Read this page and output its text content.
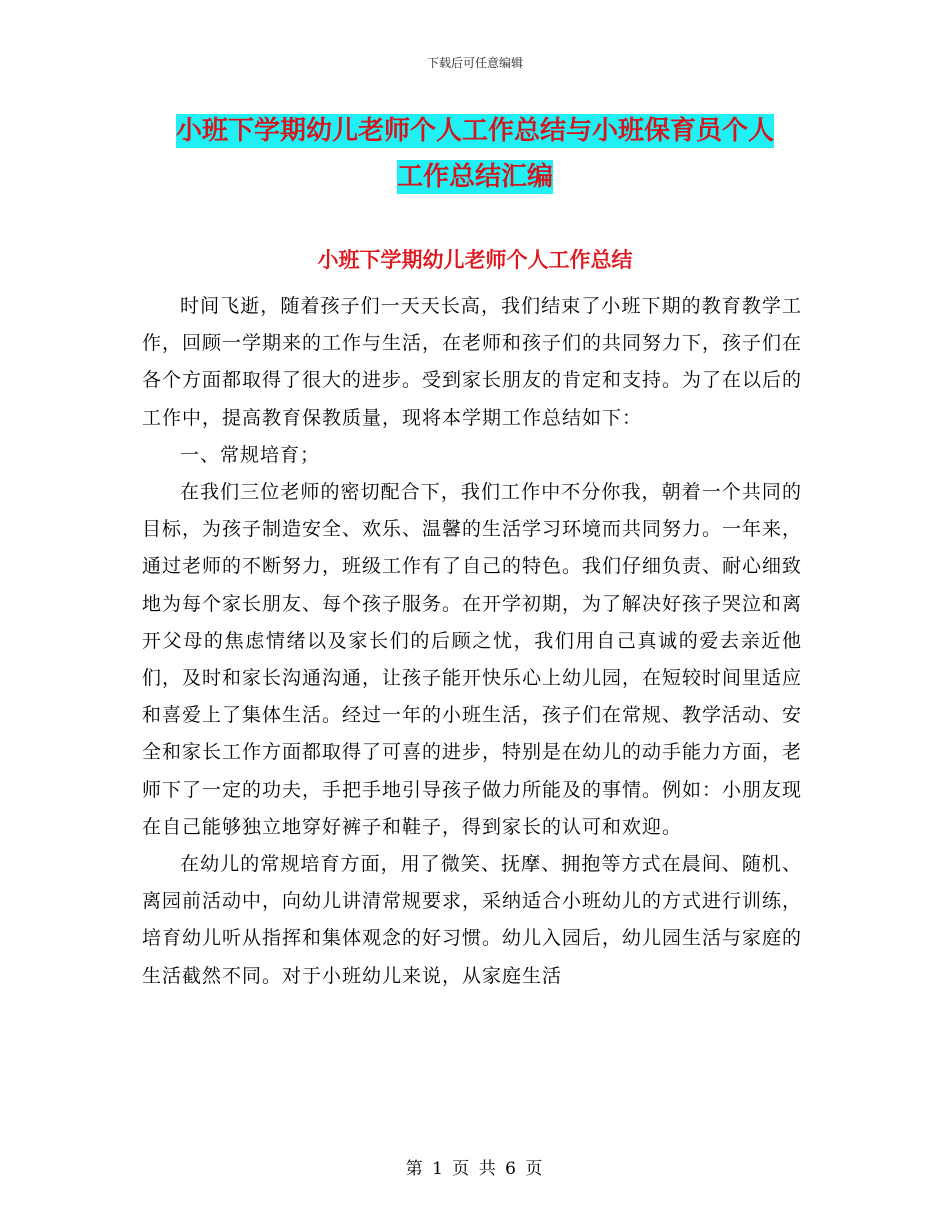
下载后可任意编辑
小班下学期幼儿老师个人工作总结与小班保育员个人
工作总结汇编
小班下学期幼儿老师个人工作总结

时间飞逝，随着孩子们一天天长高，我们结束了小班下期的教育教学工作，回顾一学期来的工作与生活，在老师和孩子们的共同努力下，孩子们在各个方面都取得了很大的进步。受到家长朋友的肯定和支持。为了在以后的工作中，提高教育保教质量，现将本学期工作总结如下：

一、常规培育；

在我们三位老师的密切配合下，我们工作中不分你我，朝着一个共同的目标，为孩子制造安全、欢乐、温馨的生活学习环境而共同努力。一年来，通过老师的不断努力，班级工作有了自己的特色。我们仔细负责、耐心细致地为每个家长朋友、每个孩子服务。在开学初期，为了解决好孩子哭泣和离开父母的焦虑情绪以及家长们的后顾之忧，我们用自己真诚的爱去亲近他们，及时和家长沟通沟通，让孩子能开快乐心上幼儿园，在短较时间里适应和喜爱上了集体生活。经过一年的小班生活，孩子们在常规、教学活动、安全和家长工作方面都取得了可喜的进步，特别是在幼儿的动手能力方面，老师下了一定的功夫，手把手地引导孩子做力所能及的事情。例如：小朋友现在自己能够独立地穿好裤子和鞋子，得到家长的认可和欢迎。

在幼儿的常规培育方面，用了微笑、抚摩、拥抱等方式在晨间、随机、离园前活动中，向幼儿讲清常规要求，采纳适合小班幼儿的方式进行训练，培育幼儿听从指挥和集体观念的好习惯。幼儿入园后，幼儿园生活与家庭的生活截然不同。对于小班幼儿来说，从家庭生活

第 1 页 共 6 页
